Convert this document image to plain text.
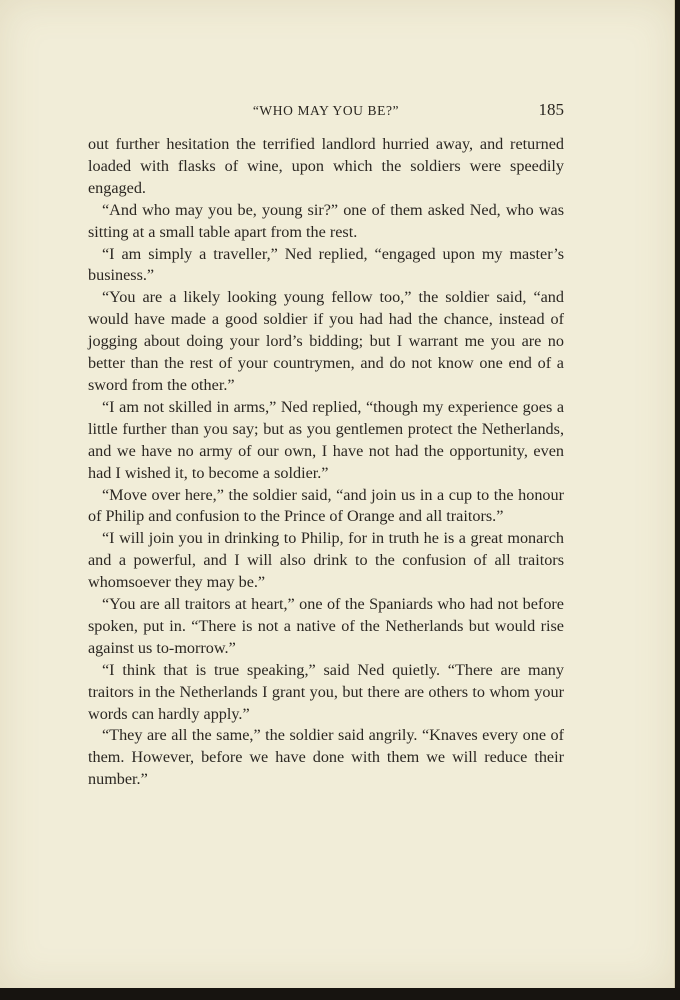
“WHO MAY YOU BE?”	185

out further hesitation the terrified landlord hurried away, and returned loaded with flasks of wine, upon which the soldiers were speedily engaged.

“And who may you be, young sir?” one of them asked Ned, who was sitting at a small table apart from the rest.

“I am simply a traveller,” Ned replied, “engaged upon my master’s business.”

“You are a likely looking young fellow too,” the soldier said, “and would have made a good soldier if you had had the chance, instead of jogging about doing your lord’s bidding; but I warrant me you are no better than the rest of your countrymen, and do not know one end of a sword from the other.”

“I am not skilled in arms,” Ned replied, “though my experience goes a little further than you say; but as you gentlemen protect the Netherlands, and we have no army of our own, I have not had the opportunity, even had I wished it, to become a soldier.”

“Move over here,” the soldier said, “and join us in a cup to the honour of Philip and confusion to the Prince of Orange and all traitors.”

“I will join you in drinking to Philip, for in truth he is a great monarch and a powerful, and I will also drink to the confusion of all traitors whomsoever they may be.”

“You are all traitors at heart,” one of the Spaniards who had not before spoken, put in. “There is not a native of the Netherlands but would rise against us to-morrow.”

“I think that is true speaking,” said Ned quietly. “There are many traitors in the Netherlands I grant you, but there are others to whom your words can hardly apply.”

“They are all the same,” the soldier said angrily. “Knaves every one of them. However, before we have done with them we will reduce their number.”
